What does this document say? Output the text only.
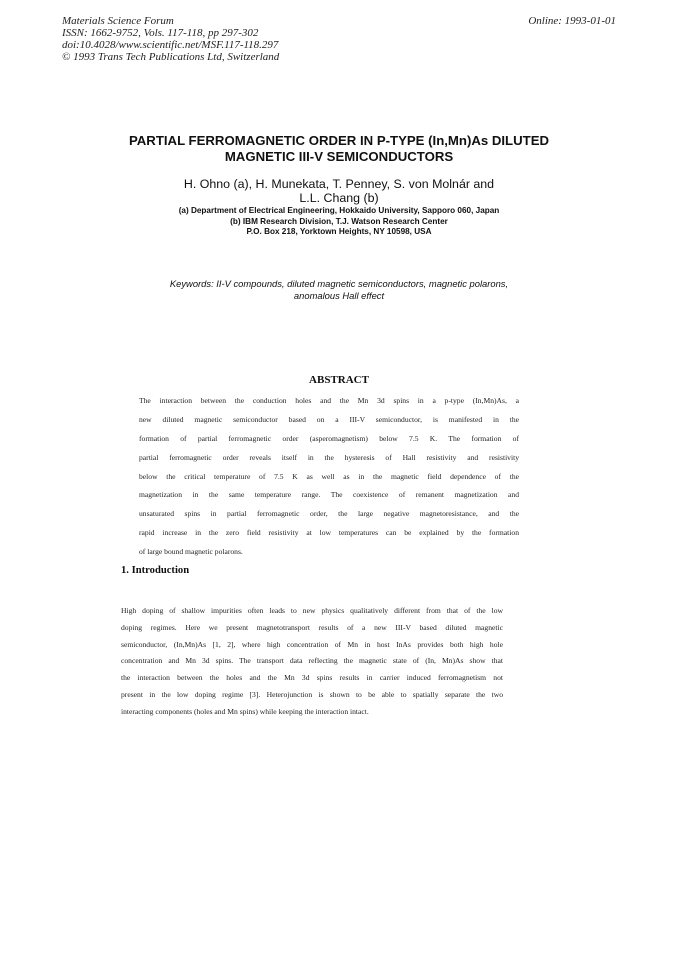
Materials Science Forum
ISSN: 1662-9752, Vols. 117-118, pp 297-302
doi:10.4028/www.scientific.net/MSF.117-118.297
© 1993 Trans Tech Publications Ltd, Switzerland
Online: 1993-01-01
PARTIAL FERROMAGNETIC ORDER IN P-TYPE (In,Mn)As DILUTED
MAGNETIC III-V SEMICONDUCTORS
H. Ohno (a), H. Munekata, T. Penney, S. von Molnár and
L.L. Chang (b)
(a) Department of Electrical Engineering, Hokkaido University, Sapporo 060, Japan
(b) IBM Research Division, T.J. Watson Research Center
P.O. Box 218, Yorktown Heights, NY 10598, USA
Keywords: II-V compounds, diluted magnetic semiconductors, magnetic polarons,
anomalous Hall effect
ABSTRACT
The interaction between the conduction holes and the Mn 3d spins in a p-type (In,Mn)As, a
new diluted magnetic semiconductor based on a III-V semiconductor, is manifested in the
formation of partial ferromagnetic order (asperomagnetism) below 7.5 K. The formation of
partial ferromagnetic order reveals itself in the hysteresis of Hall resistivity and resistivity
below the critical temperature of 7.5 K as well as in the magnetic field dependence of the
magnetization in the same temperature range. The coexistence of remanent magnetization and
unsaturated spins in partial ferromagnetic order, the large negative magnetoresistance, and the
rapid increase in the zero field resistivity at low temperatures can be explained by the formation
of large bound magnetic polarons.
1. Introduction
High doping of shallow impurities often leads to new physics qualitatively different from that of the low
doping regimes. Here we present magnetotransport results of a new III-V based diluted magnetic
semiconductor, (In,Mn)As [1, 2], where high concentration of Mn in host InAs provides both high hole
concentration and Mn 3d spins. The transport data reflecting the magnetic state of (In, Mn)As show that
the interaction between the holes and the Mn 3d spins results in carrier induced ferromagnetism not
present in the low doping regime [3]. Heterojunction is shown to be able to spatially separate the two
interacting components (holes and Mn spins) while keeping the interaction intact.
